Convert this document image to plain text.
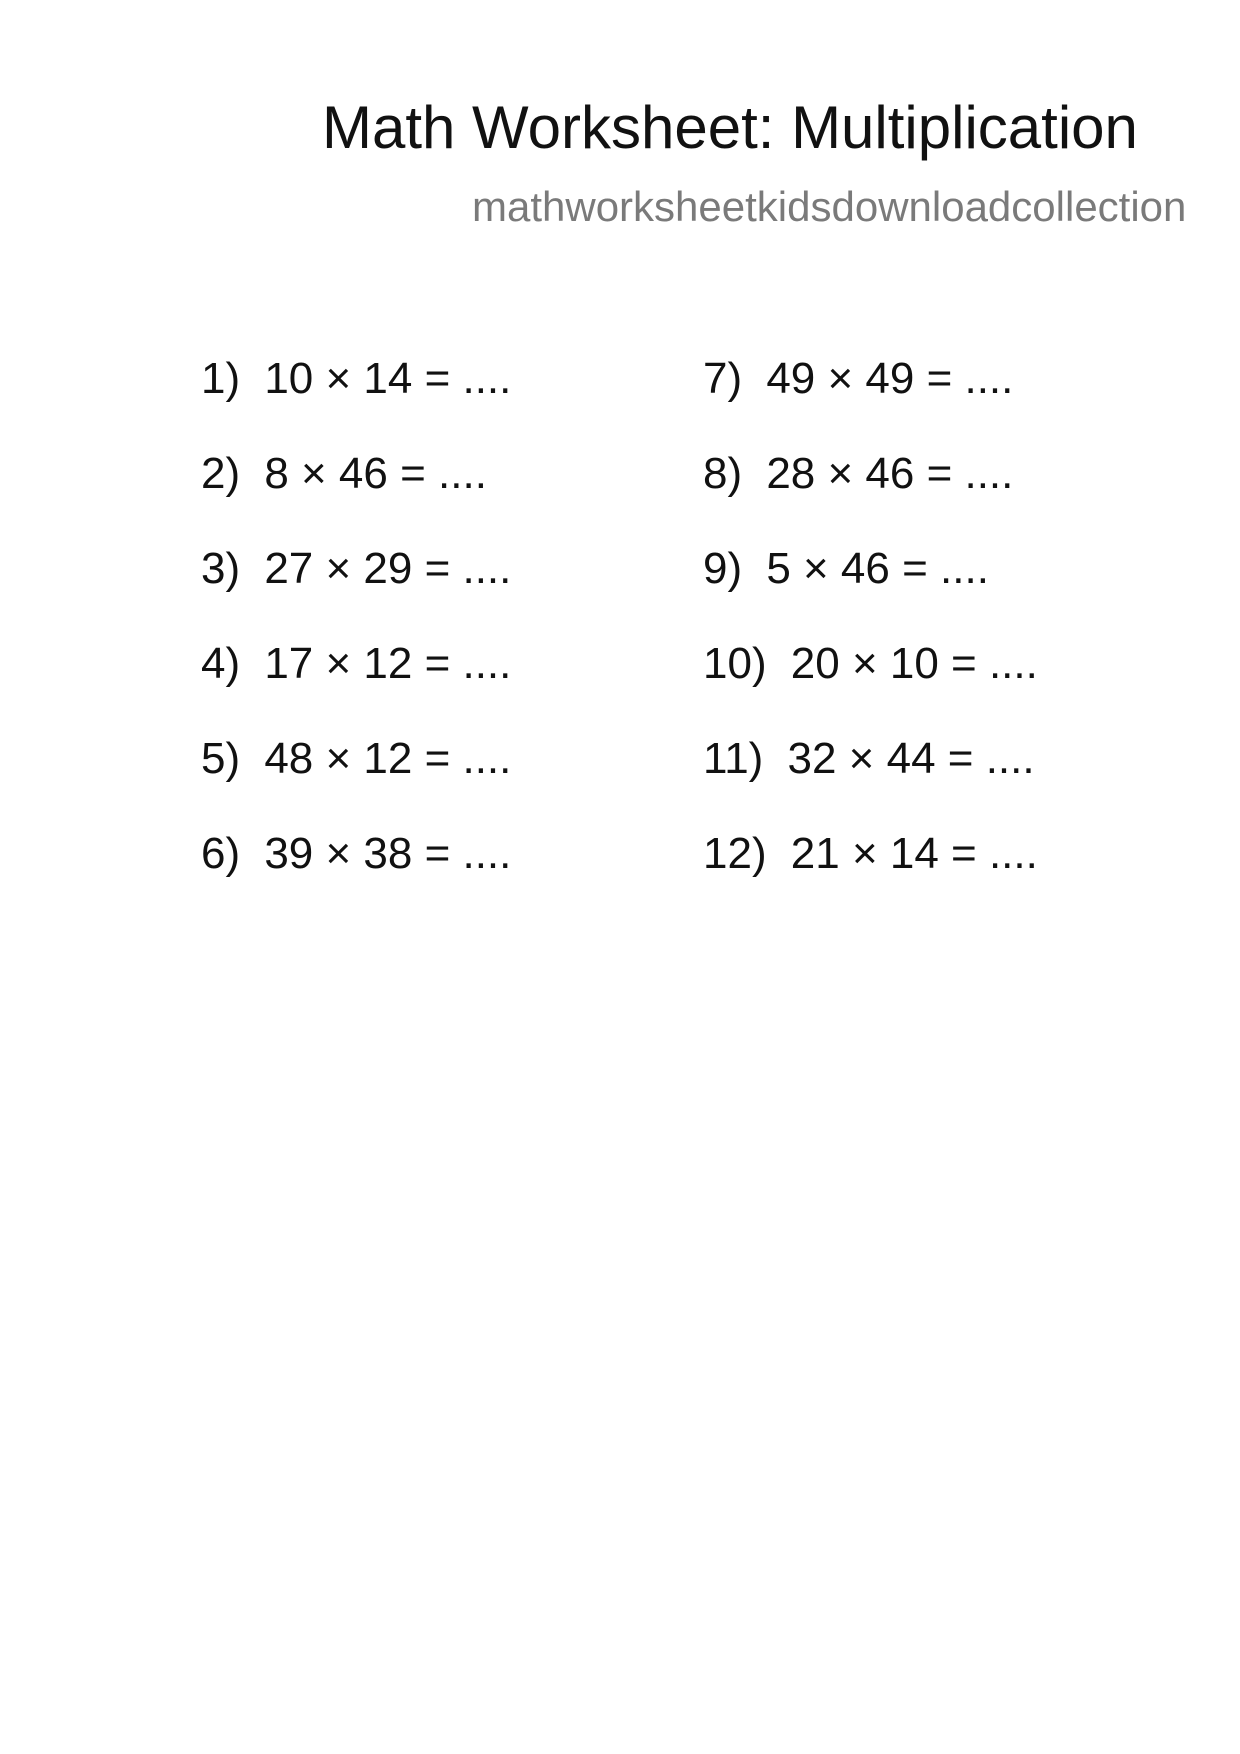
Math Worksheet: Multiplication
mathworksheetkidsdownloadcollection
1) 10 × 14 = ....
2) 8 × 46 = ....
3) 27 × 29 = ....
4) 17 × 12 = ....
5) 48 × 12 = ....
6) 39 × 38 = ....
7) 49 × 49 = ....
8) 28 × 46 = ....
9) 5 × 46 = ....
10) 20 × 10 = ....
11) 32 × 44 = ....
12) 21 × 14 = ....
